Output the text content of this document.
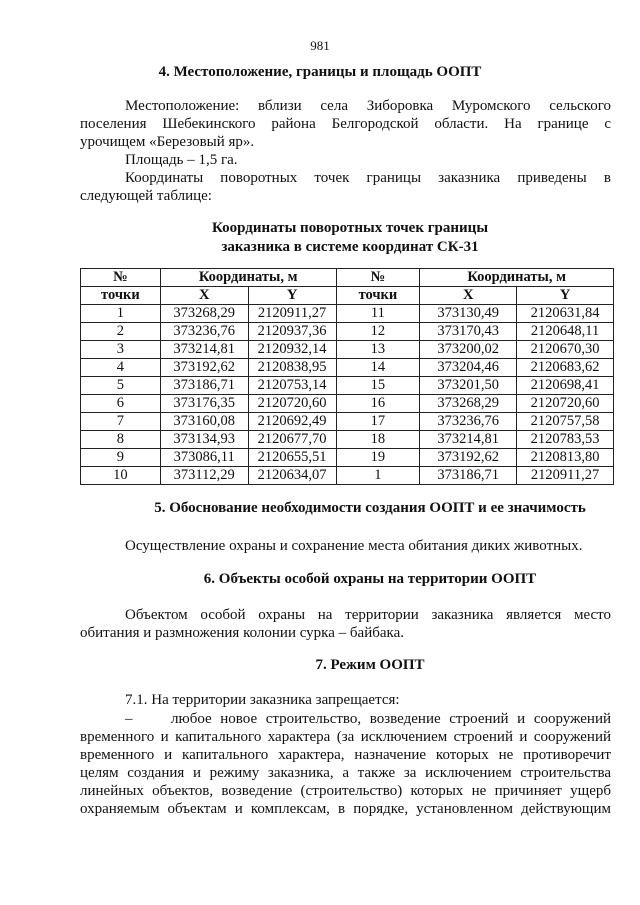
981
4. Местоположение, границы и площадь ООПТ
Местоположение: вблизи села Зиборовка Муромского сельского
поселения Шебекинского района Белгородской области. На границе с
урочищем «Березовый яр».
Площадь – 1,5 га.
Координаты поворотных точек границы заказника приведены в
следующей таблице:
Координаты поворотных точек границы
заказника в системе координат СК-31
№	Координаты, м		№	Координаты, м	
точки	X	Y	точки	X	Y
1	373268,29	2120911,27	11	373130,49	2120631,84
2	373236,76	2120937,36	12	373170,43	2120648,11
3	373214,81	2120932,14	13	373200,02	2120670,30
4	373192,62	2120838,95	14	373204,46	2120683,62
5	373186,71	2120753,14	15	373201,50	2120698,41
6	373176,35	2120720,60	16	373268,29	2120720,60
7	373160,08	2120692,49	17	373236,76	2120757,58
8	373134,93	2120677,70	18	373214,81	2120783,53
9	373086,11	2120655,51	19	373192,62	2120813,80
10	373112,29	2120634,07	1	373186,71	2120911,27
5. Обоснование необходимости создания ООПТ и ее значимость
Осуществление охраны и сохранение места обитания диких животных.
6. Объекты особой охраны на территории ООПТ
Объектом особой охраны на территории заказника является место
обитания и размножения колонии сурка – байбака.
7. Режим ООПТ
7.1. На территории заказника запрещается:
–	любое новое строительство, возведение строений и сооружений
временного и капитального характера (за исключением строений и сооружений
временного и капитального характера, назначение которых не противоречит
целям создания и режиму заказника, а также за исключением строительства
линейных объектов, возведение (строительство) которых не причиняет ущерб
охраняемым объектам и комплексам, в порядке, установленном действующим
